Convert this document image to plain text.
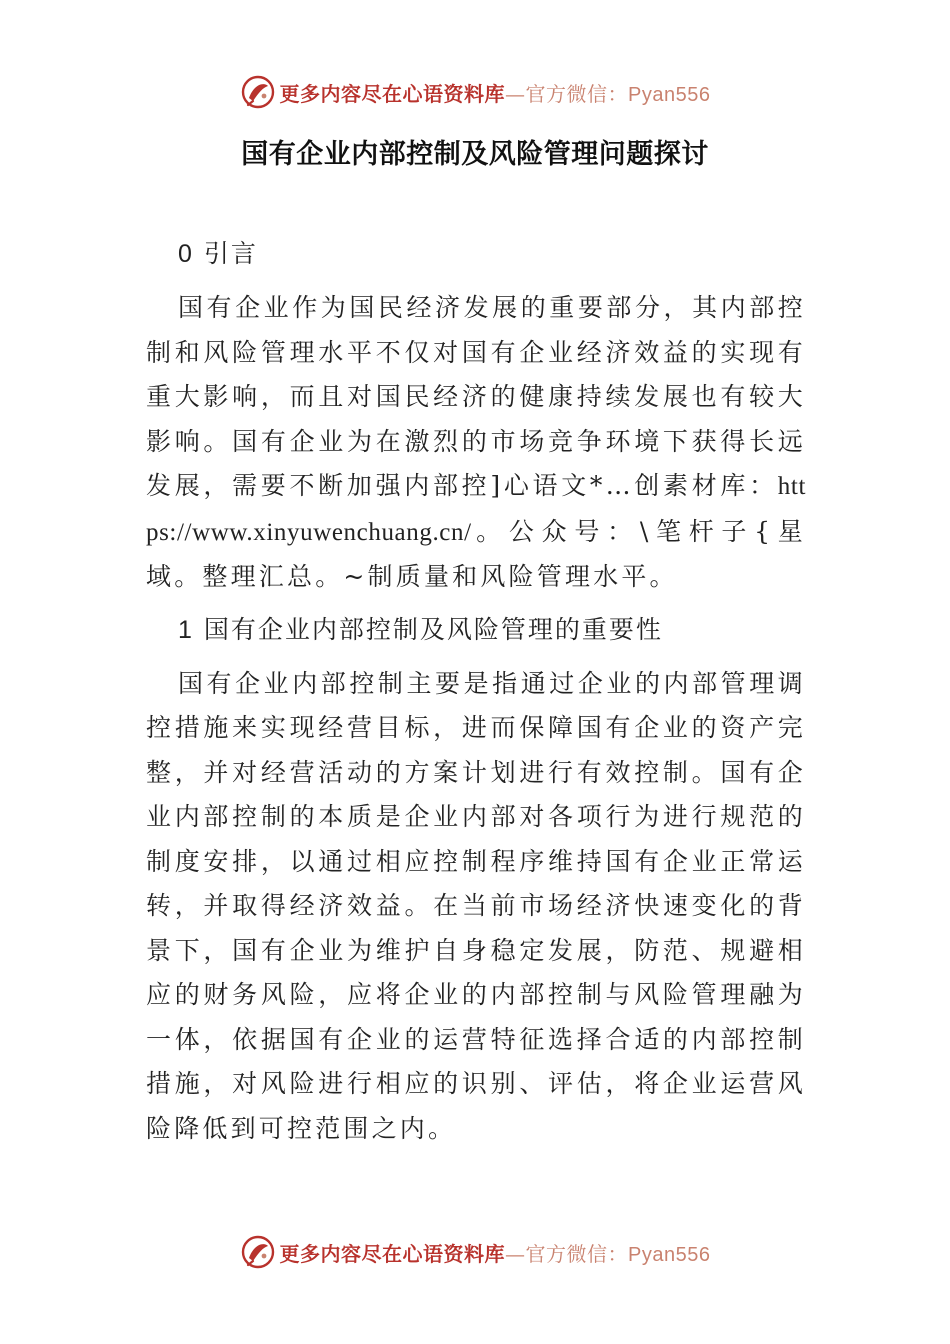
更多内容尽在心语资料库—官方微信：Pyan556
国有企业内部控制及风险管理问题探讨
0 引言

国有企业作为国民经济发展的重要部分，其内部控制和风险管理水平不仅对国有企业经济效益的实现有重大影响，而且对国民经济的健康持续发展也有较大影响。国有企业为在激烈的市场竞争环境下获得长远发展，需要不断加强内部控]心语文*…创素材库：https://www.xinyuwenchuang.cn/。公众号：\笔杆子{星域。整理汇总。~制质量和风险管理水平。

1 国有企业内部控制及风险管理的重要性

国有企业内部控制主要是指通过企业的内部管理调控措施来实现经营目标，进而保障国有企业的资产完整，并对经营活动的方案计划进行有效控制。国有企业内部控制的本质是企业内部对各项行为进行规范的制度安排，以通过相应控制程序维持国有企业正常运转，并取得经济效益。在当前市场经济快速变化的背景下，国有企业为维护自身稳定发展，防范、规避相应的财务风险，应将企业的内部控制与风险管理融为一体，依据国有企业的运营特征选择合适的内部控制措施，对风险进行相应的识别、评估，将企业运营风险降低到可控范围之内。

更多内容尽在心语资料库—官方微信：Pyan556
